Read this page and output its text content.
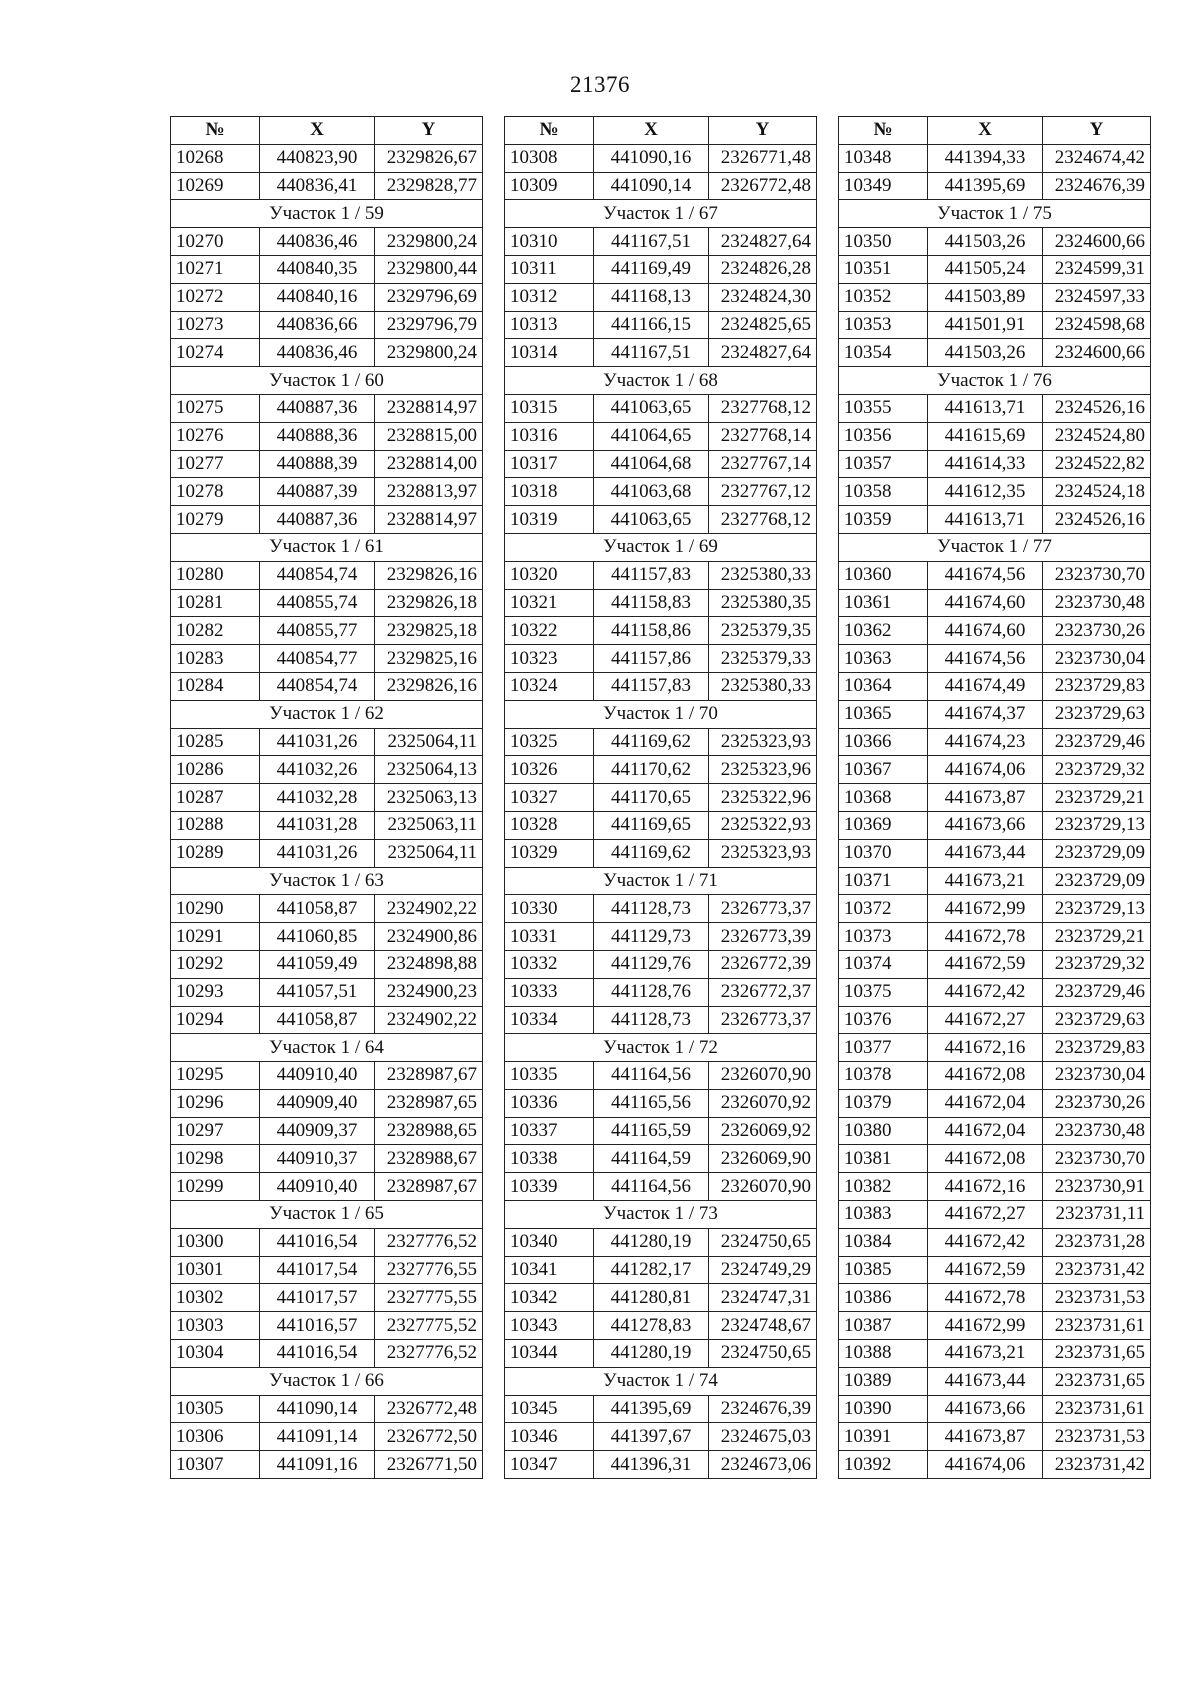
21376
№	X	Y
10268	440823,90	2329826,67
10269	440836,41	2329828,77
Участок 1 / 59		
10270	440836,46	2329800,24
10271	440840,35	2329800,44
10272	440840,16	2329796,69
10273	440836,66	2329796,79
10274	440836,46	2329800,24
Участок 1 / 60		
10275	440887,36	2328814,97
10276	440888,36	2328815,00
10277	440888,39	2328814,00
10278	440887,39	2328813,97
10279	440887,36	2328814,97
Участок 1 / 61		
10280	440854,74	2329826,16
10281	440855,74	2329826,18
10282	440855,77	2329825,18
10283	440854,77	2329825,16
10284	440854,74	2329826,16
Участок 1 / 62		
10285	441031,26	2325064,11
10286	441032,26	2325064,13
10287	441032,28	2325063,13
10288	441031,28	2325063,11
10289	441031,26	2325064,11
Участок 1 / 63		
10290	441058,87	2324902,22
10291	441060,85	2324900,86
10292	441059,49	2324898,88
10293	441057,51	2324900,23
10294	441058,87	2324902,22
Участок 1 / 64		
10295	440910,40	2328987,67
10296	440909,40	2328987,65
10297	440909,37	2328988,65
10298	440910,37	2328988,67
10299	440910,40	2328987,67
Участок 1 / 65		
10300	441016,54	2327776,52
10301	441017,54	2327776,55
10302	441017,57	2327775,55
10303	441016,57	2327775,52
10304	441016,54	2327776,52
Участок 1 / 66		
10305	441090,14	2326772,48
10306	441091,14	2326772,50
10307	441091,16	2326771,50
№	X	Y
10308	441090,16	2326771,48
10309	441090,14	2326772,48
Участок 1 / 67		
10310	441167,51	2324827,64
10311	441169,49	2324826,28
10312	441168,13	2324824,30
10313	441166,15	2324825,65
10314	441167,51	2324827,64
Участок 1 / 68		
10315	441063,65	2327768,12
10316	441064,65	2327768,14
10317	441064,68	2327767,14
10318	441063,68	2327767,12
10319	441063,65	2327768,12
Участок 1 / 69		
10320	441157,83	2325380,33
10321	441158,83	2325380,35
10322	441158,86	2325379,35
10323	441157,86	2325379,33
10324	441157,83	2325380,33
Участок 1 / 70		
10325	441169,62	2325323,93
10326	441170,62	2325323,96
10327	441170,65	2325322,96
10328	441169,65	2325322,93
10329	441169,62	2325323,93
Участок 1 / 71		
10330	441128,73	2326773,37
10331	441129,73	2326773,39
10332	441129,76	2326772,39
10333	441128,76	2326772,37
10334	441128,73	2326773,37
Участок 1 / 72		
10335	441164,56	2326070,90
10336	441165,56	2326070,92
10337	441165,59	2326069,92
10338	441164,59	2326069,90
10339	441164,56	2326070,90
Участок 1 / 73		
10340	441280,19	2324750,65
10341	441282,17	2324749,29
10342	441280,81	2324747,31
10343	441278,83	2324748,67
10344	441280,19	2324750,65
Участок 1 / 74		
10345	441395,69	2324676,39
10346	441397,67	2324675,03
10347	441396,31	2324673,06
№	X	Y
10348	441394,33	2324674,42
10349	441395,69	2324676,39
Участок 1 / 75		
10350	441503,26	2324600,66
10351	441505,24	2324599,31
10352	441503,89	2324597,33
10353	441501,91	2324598,68
10354	441503,26	2324600,66
Участок 1 / 76		
10355	441613,71	2324526,16
10356	441615,69	2324524,80
10357	441614,33	2324522,82
10358	441612,35	2324524,18
10359	441613,71	2324526,16
Участок 1 / 77		
10360	441674,56	2323730,70
10361	441674,60	2323730,48
10362	441674,60	2323730,26
10363	441674,56	2323730,04
10364	441674,49	2323729,83
10365	441674,37	2323729,63
10366	441674,23	2323729,46
10367	441674,06	2323729,32
10368	441673,87	2323729,21
10369	441673,66	2323729,13
10370	441673,44	2323729,09
10371	441673,21	2323729,09
10372	441672,99	2323729,13
10373	441672,78	2323729,21
10374	441672,59	2323729,32
10375	441672,42	2323729,46
10376	441672,27	2323729,63
10377	441672,16	2323729,83
10378	441672,08	2323730,04
10379	441672,04	2323730,26
10380	441672,04	2323730,48
10381	441672,08	2323730,70
10382	441672,16	2323730,91
10383	441672,27	2323731,11
10384	441672,42	2323731,28
10385	441672,59	2323731,42
10386	441672,78	2323731,53
10387	441672,99	2323731,61
10388	441673,21	2323731,65
10389	441673,44	2323731,65
10390	441673,66	2323731,61
10391	441673,87	2323731,53
10392	441674,06	2323731,42
